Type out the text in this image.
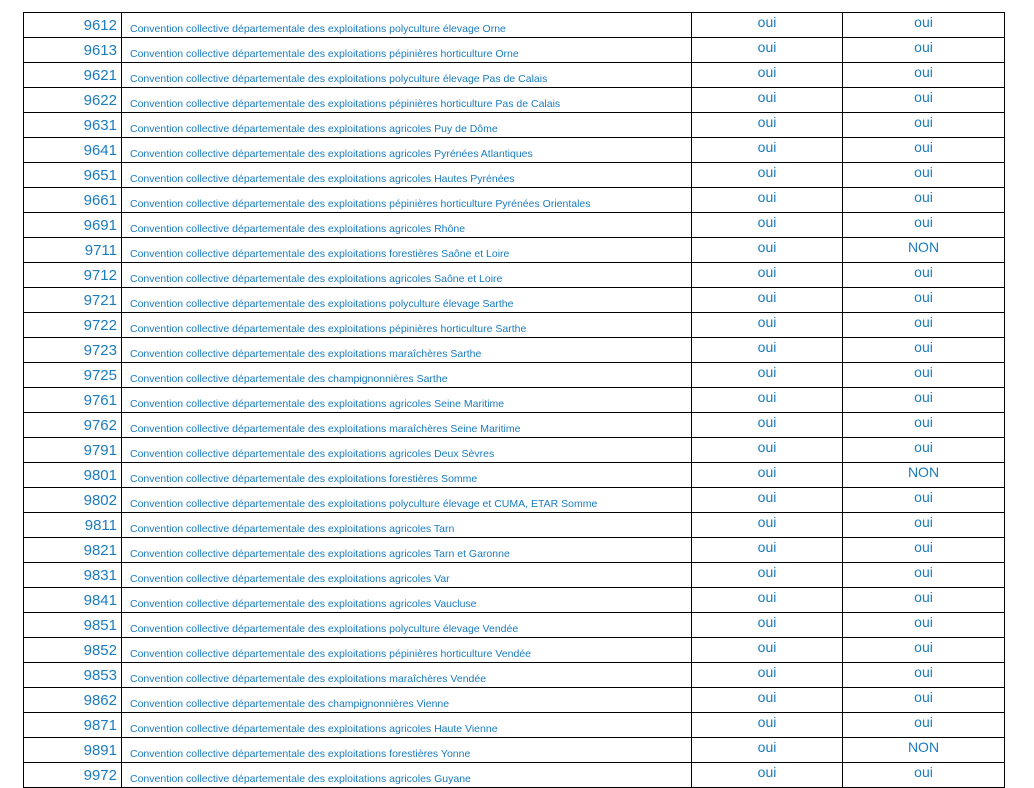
9612	Convention collective départementale des exploitations polyculture élevage Orne	oui	oui
9613	Convention collective départementale des exploitations pépinières horticulture Orne	oui	oui
9621	Convention collective départementale des exploitations polyculture élevage Pas de Calais	oui	oui
9622	Convention collective départementale des exploitations pépinières horticulture Pas de Calais	oui	oui
9631	Convention collective départementale des exploitations agricoles Puy de Dôme	oui	oui
9641	Convention collective départementale des exploitations agricoles Pyrénées Atlantiques	oui	oui
9651	Convention collective départementale des exploitations agricoles Hautes Pyrénées	oui	oui
9661	Convention collective départementale des exploitations pépinières horticulture Pyrénées Orientales	oui	oui
9691	Convention collective départementale des exploitations agricoles Rhône	oui	oui
9711	Convention collective départementale des exploitations forestières Saône et Loire	oui	NON
9712	Convention collective départementale des exploitations agricoles Saône et Loire	oui	oui
9721	Convention collective départementale des exploitations polyculture élevage Sarthe	oui	oui
9722	Convention collective départementale des exploitations pépinières horticulture Sarthe	oui	oui
9723	Convention collective départementale des exploitations maraîchères Sarthe	oui	oui
9725	Convention collective départementale des champignonnières Sarthe	oui	oui
9761	Convention collective départementale des exploitations agricoles Seine Maritime	oui	oui
9762	Convention collective départementale des exploitations maraîchères Seine Maritime	oui	oui
9791	Convention collective départementale des exploitations agricoles Deux Sèvres	oui	oui
9801	Convention collective départementale des exploitations forestières Somme	oui	NON
9802	Convention collective départementale des exploitations polyculture élevage et CUMA, ETAR Somme	oui	oui
9811	Convention collective départementale des exploitations agricoles Tarn	oui	oui
9821	Convention collective départementale des exploitations agricoles Tarn et Garonne	oui	oui
9831	Convention collective départementale des exploitations agricoles Var	oui	oui
9841	Convention collective départementale des exploitations agricoles Vaucluse	oui	oui
9851	Convention collective départementale des exploitations polyculture élevage Vendée	oui	oui
9852	Convention collective départementale des exploitations pépinières horticulture Vendée	oui	oui
9853	Convention collective départementale des exploitations maraîchères Vendée	oui	oui
9862	Convention collective départementale des champignonnières Vienne	oui	oui
9871	Convention collective départementale des exploitations agricoles Haute Vienne	oui	oui
9891	Convention collective départementale des exploitations forestières Yonne	oui	NON
9972	Convention collective départementale des exploitations agricoles Guyane	oui	oui
